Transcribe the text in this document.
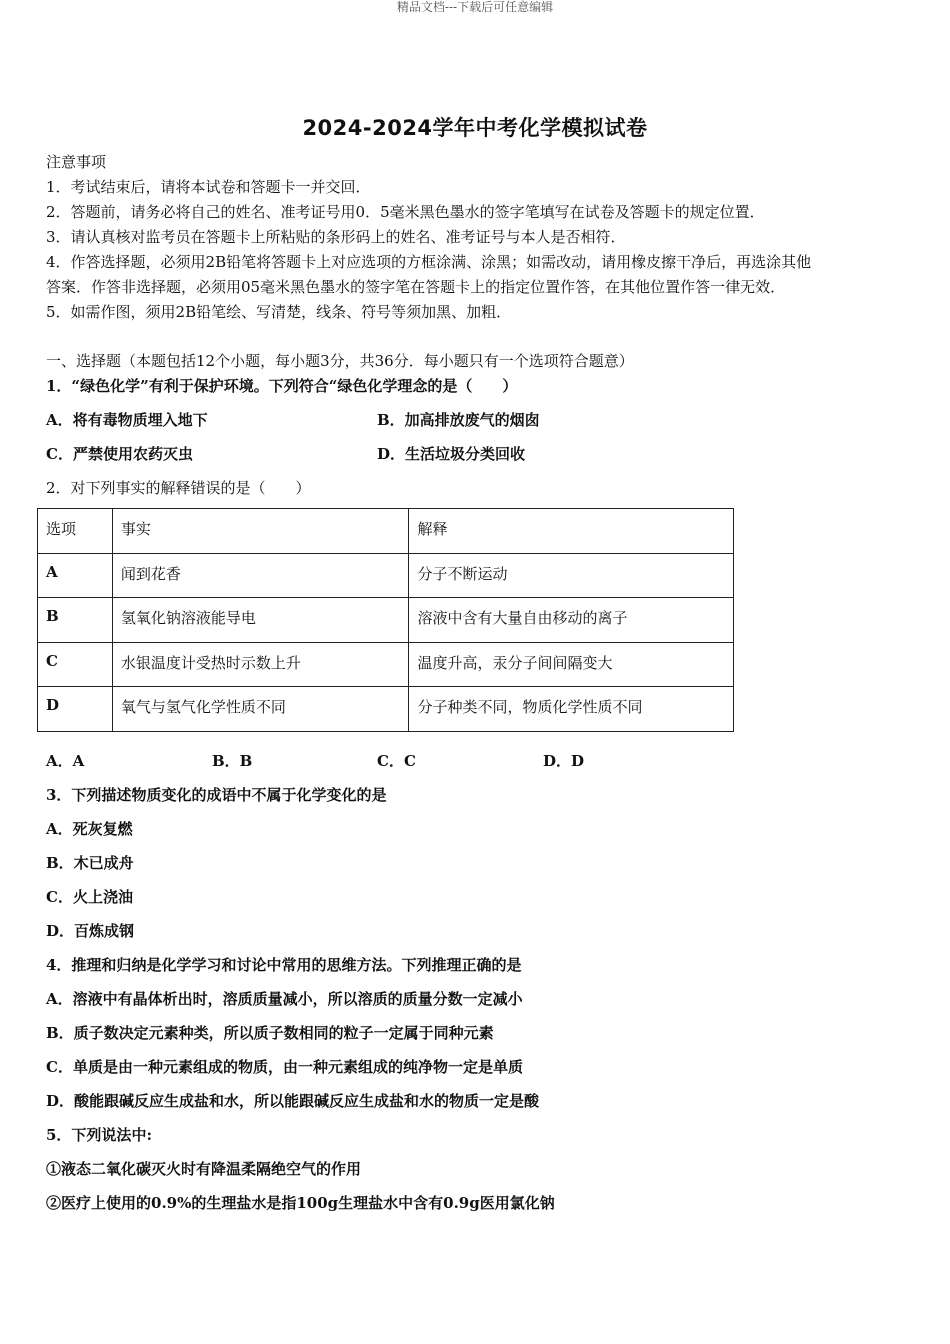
精品文档---下载后可任意编辑
2024-2024学年中考化学模拟试卷
注意事项
1．考试结束后，请将本试卷和答题卡一并交回．
2．答题前，请务必将自己的姓名、准考证号用0．5毫米黑色墨水的签字笔填写在试卷及答题卡的规定位置．
3．请认真核对监考员在答题卡上所粘贴的条形码上的姓名、准考证号与本人是否相符．
4．作答选择题，必须用2B铅笔将答题卡上对应选项的方框涂满、涂黑；如需改动，请用橡皮擦干净后，再选涂其他
答案．作答非选择题，必须用05毫米黑色墨水的签字笔在答题卡上的指定位置作答，在其他位置作答一律无效．
5．如需作图，须用2B铅笔绘、写清楚，线条、符号等须加黑、加粗．
一、选择题（本题包括12个小题，每小题3分，共36分．每小题只有一个选项符合题意）
1．“绿色化学”有利于保护环境。下列符合“绿色化学理念的是（　　）
A．将有毒物质埋入地下	B．加高排放废气的烟囱
C．严禁使用农药灭虫	D．生活垃圾分类回收
2．对下列事实的解释错误的是（　　）
选项	事实	解释
A	闻到花香	分子不断运动
B	氢氧化钠溶液能导电	溶液中含有大量自由移动的离子
C	水银温度计受热时示数上升	温度升高，汞分子间间隔变大
D	氧气与氢气化学性质不同	分子种类不同，物质化学性质不同
A．A	B．B	C．C	D．D
3．下列描述物质变化的成语中不属于化学变化的是
A．死灰复燃
B．木已成舟
C．火上浇油
D．百炼成钢
4．推理和归纳是化学学习和讨论中常用的思维方法。下列推理正确的是
A．溶液中有晶体析出时，溶质质量减小，所以溶质的质量分数一定减小
B．质子数决定元素种类，所以质子数相同的粒子一定属于同种元素
C．单质是由一种元素组成的物质，由一种元素组成的纯净物一定是单质
D．酸能跟碱反应生成盐和水，所以能跟碱反应生成盐和水的物质一定是酸
5．下列说法中:
①液态二氧化碳灭火时有降温柔隔绝空气的作用
②医疗上使用的0.9%的生理盐水是指100g生理盐水中含有0.9g医用氯化钠
